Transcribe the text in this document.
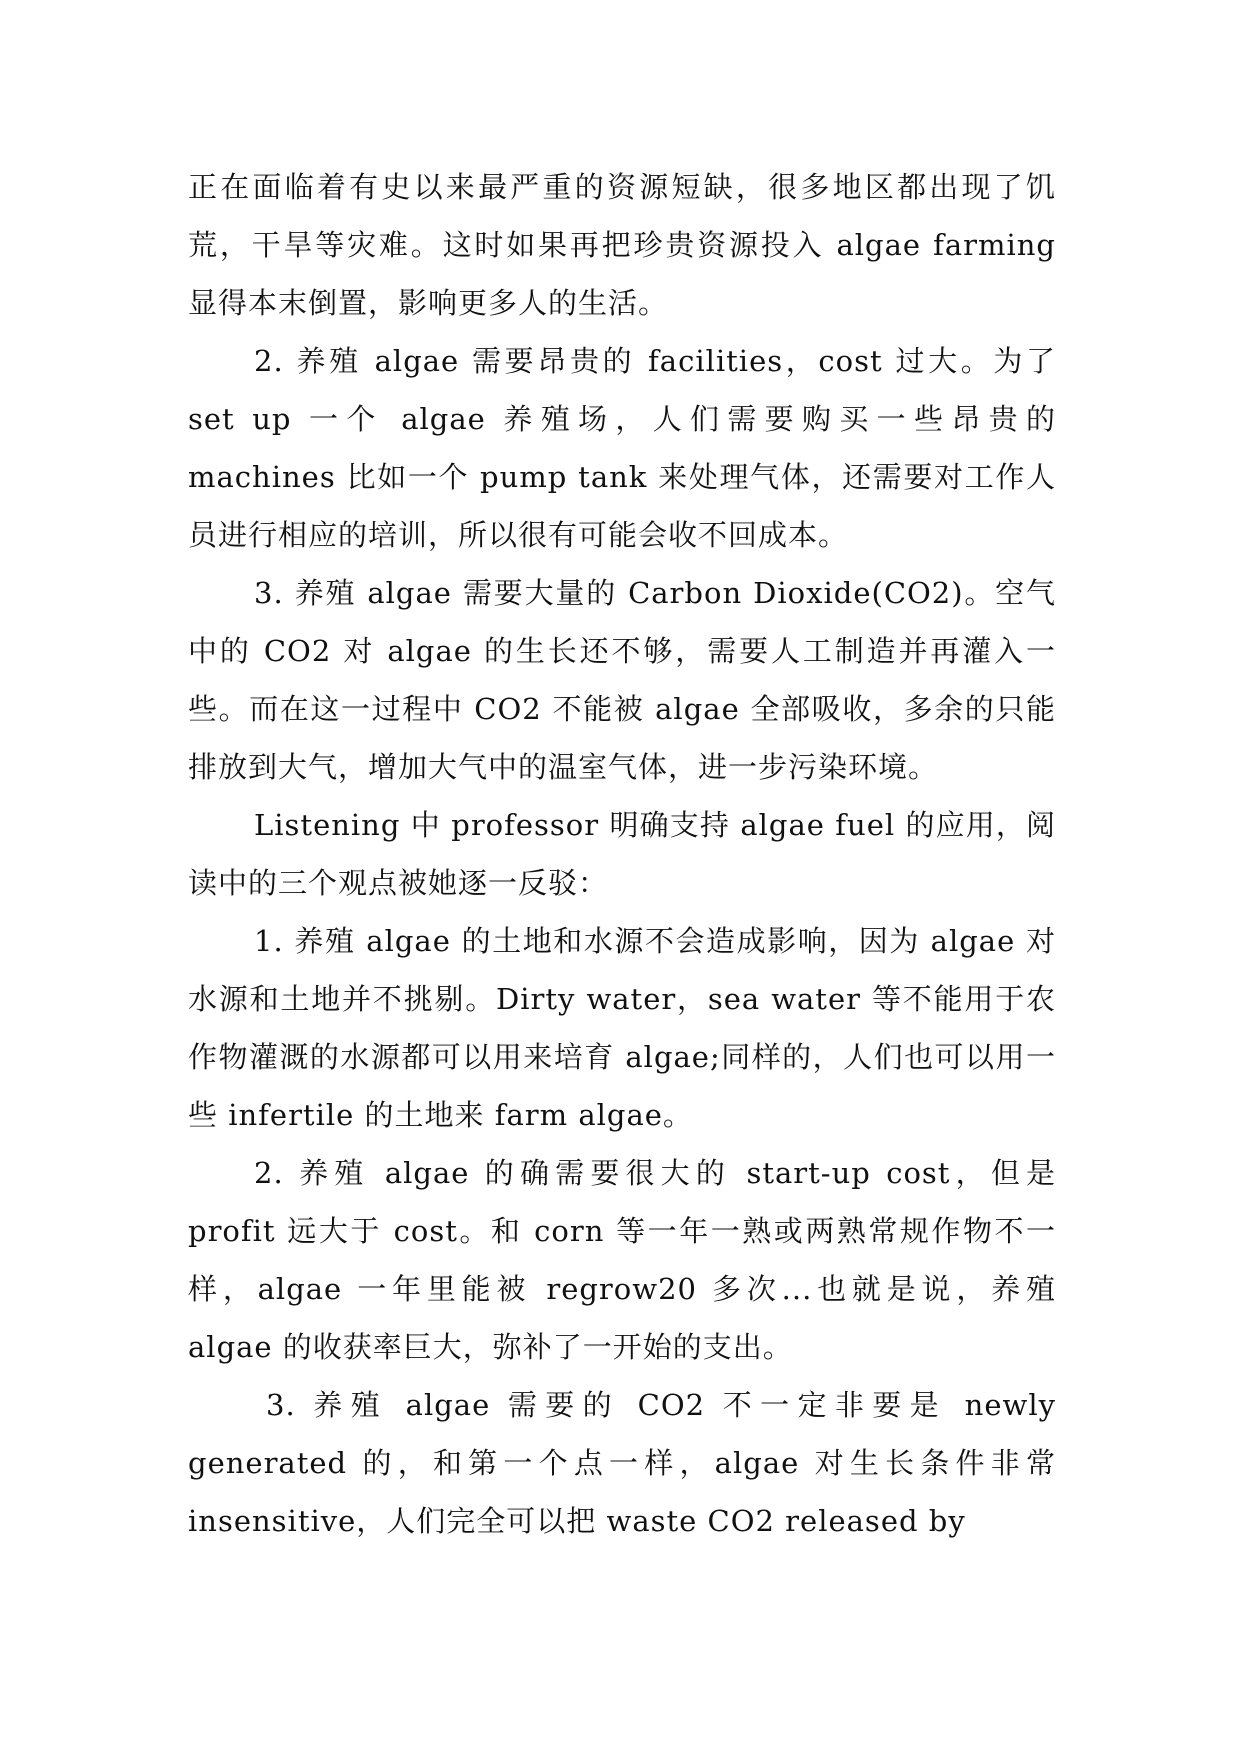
正在面临着有史以来最严重的资源短缺，很多地区都出现了饥荒，干旱等灾难。这时如果再把珍贵资源投入 algae farming 显得本末倒置，影响更多人的生活。

2. 养殖 algae 需要昂贵的 facilities，cost 过大。为了 set up 一个 algae 养殖场，人们需要购买一些昂贵的 machines 比如一个 pump tank 来处理气体，还需要对工作人员进行相应的培训，所以很有可能会收不回成本。

3. 养殖 algae 需要大量的 Carbon Dioxide(CO2)。空气中的 CO2 对 algae 的生长还不够，需要人工制造并再灌入一些。而在这一过程中 CO2 不能被 algae 全部吸收，多余的只能排放到大气，增加大气中的温室气体，进一步污染环境。

Listening 中 professor 明确支持 algae fuel 的应用，阅读中的三个观点被她逐一反驳：

1. 养殖 algae 的土地和水源不会造成影响，因为 algae 对水源和土地并不挑剔。Dirty water，sea water 等不能用于农作物灌溉的水源都可以用来培育 algae;同样的，人们也可以用一些 infertile 的土地来 farm algae。

2. 养殖 algae 的确需要很大的 start-up cost，但是 profit 远大于 cost。和 corn 等一年一熟或两熟常规作物不一样，algae 一年里能被 regrow20 多次...也就是说，养殖 algae 的收获率巨大，弥补了一开始的支出。

3. 养殖 algae 需要的 CO2 不一定非要是 newly generated 的，和第一个点一样，algae 对生长条件非常 insensitive，人们完全可以把 waste CO2 released by
